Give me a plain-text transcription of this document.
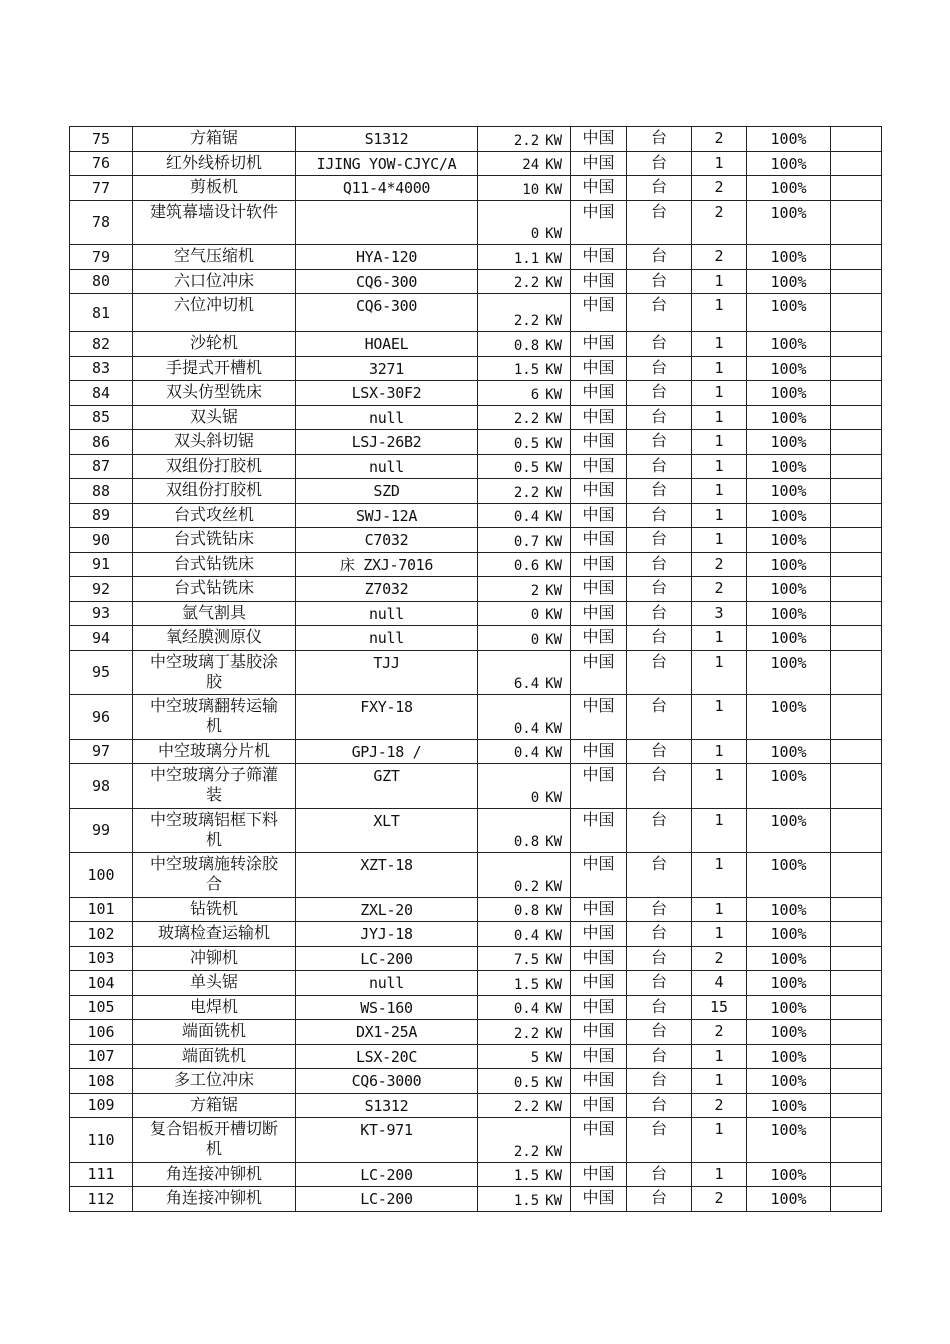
75	方箱锯	S1312	2.2 KW	中国	台	2	100%	
76	红外线桥切机	IJING YOW-CJYC/A	24 KW	中国	台	1	100%	
77	剪板机	Q11-4*4000	10 KW	中国	台	2	100%	
78	建筑幕墙设计软件		0 KW	中国	台	2	100%	
79	空气压缩机	HYA-120	1.1 KW	中国	台	2	100%	
80	六口位冲床	CQ6-300	2.2 KW	中国	台	1	100%	
81	六位冲切机	CQ6-300	2.2 KW	中国	台	1	100%	
82	沙轮机	HOAEL	0.8 KW	中国	台	1	100%	
83	手提式开槽机	3271	1.5 KW	中国	台	1	100%	
84	双头仿型铣床	LSX-30F2	6 KW	中国	台	1	100%	
85	双头锯	null	2.2 KW	中国	台	1	100%	
86	双头斜切锯	LSJ-26B2	0.5 KW	中国	台	1	100%	
87	双组份打胶机	null	0.5 KW	中国	台	1	100%	
88	双组份打胶机	SZD	2.2 KW	中国	台	1	100%	
89	台式攻丝机	SWJ-12A	0.4 KW	中国	台	1	100%	
90	台式铣钻床	C7032	0.7 KW	中国	台	1	100%	
91	台式钻铣床	床 ZXJ-7016	0.6 KW	中国	台	2	100%	
92	台式钻铣床	Z7032	2 KW	中国	台	2	100%	
93	氩气割具	null	0 KW	中国	台	3	100%	
94	氧经膜测原仪	null	0 KW	中国	台	1	100%	
95	中空玻璃丁基胶涂胶	TJJ	6.4 KW	中国	台	1	100%	
96	中空玻璃翻转运输机	FXY-18	0.4 KW	中国	台	1	100%	
97	中空玻璃分片机	GPJ-18 /	0.4 KW	中国	台	1	100%	
98	中空玻璃分子筛灌装	GZT	0 KW	中国	台	1	100%	
99	中空玻璃铝框下料机	XLT	0.8 KW	中国	台	1	100%	
100	中空玻璃施转涂胶合	XZT-18	0.2 KW	中国	台	1	100%	
101	钻铣机	ZXL-20	0.8 KW	中国	台	1	100%	
102	玻璃检查运输机	JYJ-18	0.4 KW	中国	台	1	100%	
103	冲铆机	LC-200	7.5 KW	中国	台	2	100%	
104	单头锯	null	1.5 KW	中国	台	4	100%	
105	电焊机	WS-160	0.4 KW	中国	台	15	100%	
106	端面铣机	DX1-25A	2.2 KW	中国	台	2	100%	
107	端面铣机	LSX-20C	5 KW	中国	台	1	100%	
108	多工位冲床	CQ6-3000	0.5 KW	中国	台	1	100%	
109	方箱锯	S1312	2.2 KW	中国	台	2	100%	
110	复合铝板开槽切断机	KT-971	2.2 KW	中国	台	1	100%	
111	角连接冲铆机	LC-200	1.5 KW	中国	台	1	100%	
112	角连接冲铆机	LC-200	1.5 KW	中国	台	2	100%	
